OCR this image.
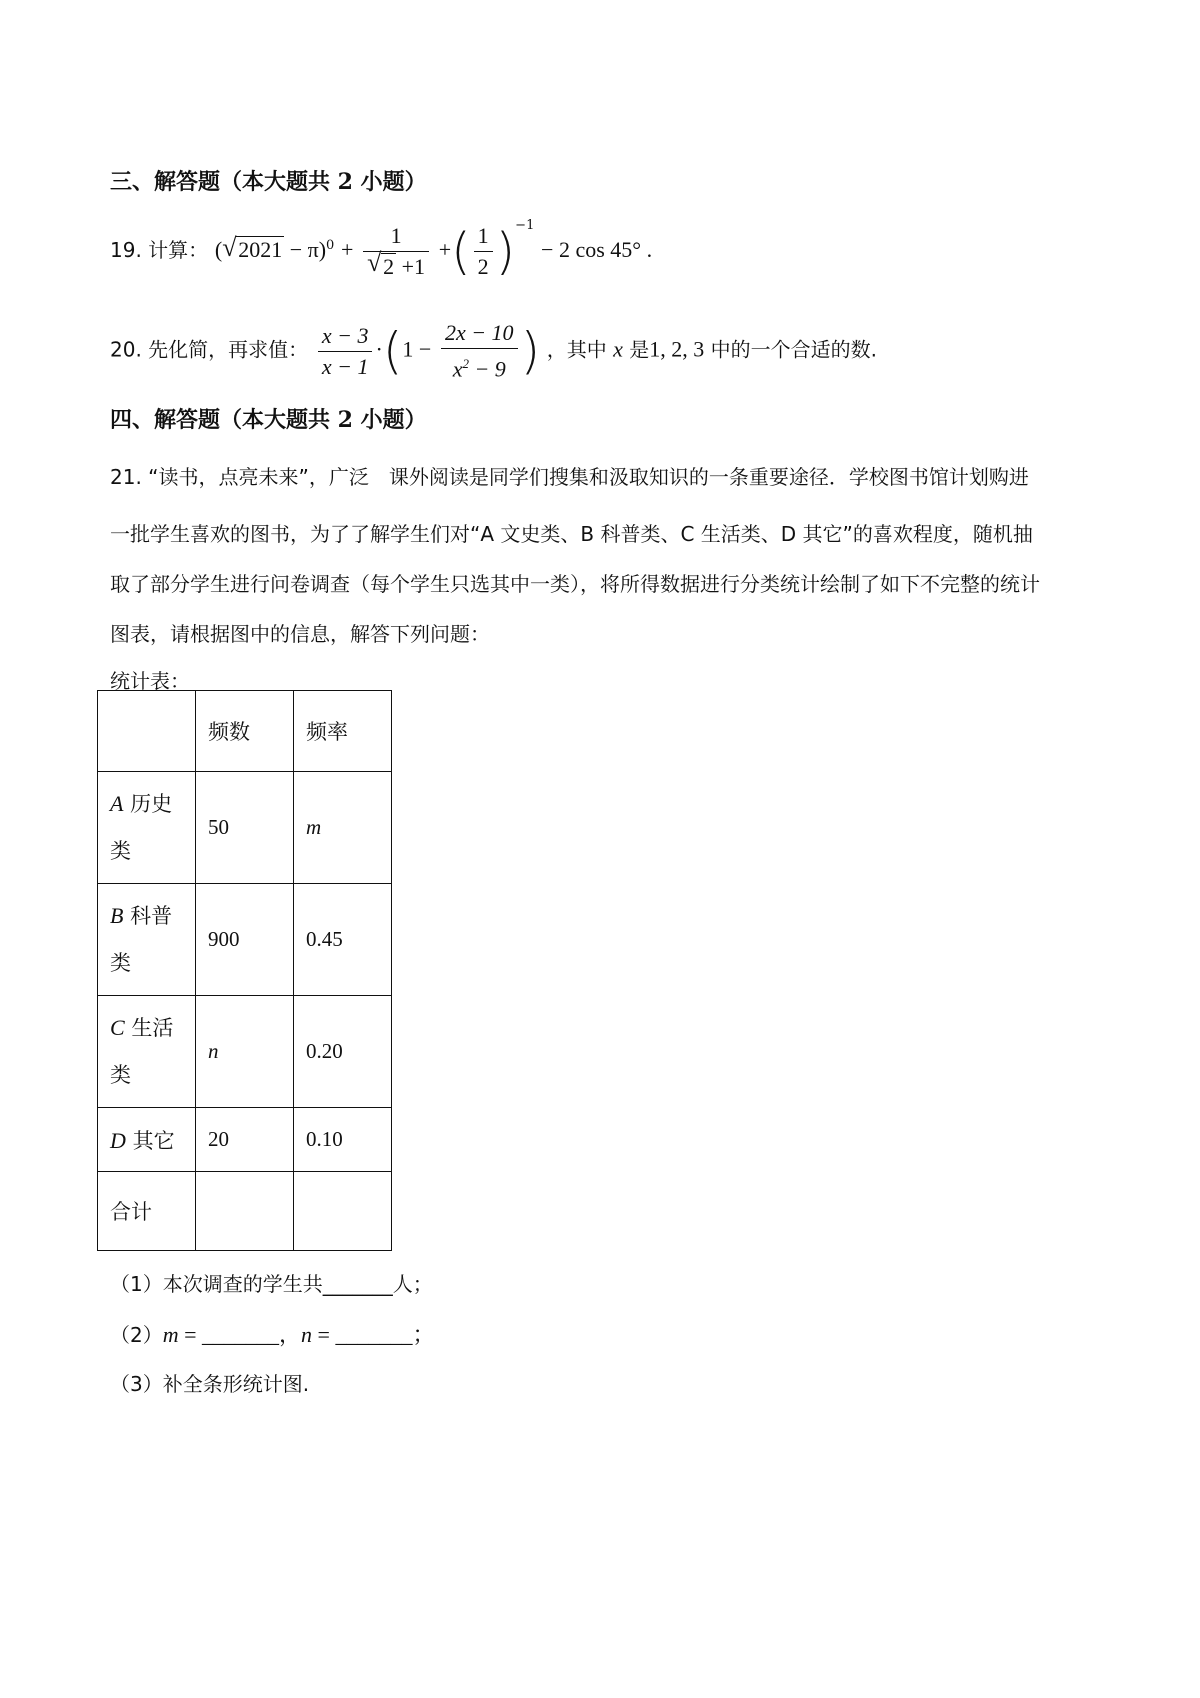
三、解答题（本大题共 2 小题）
19. 计算： ( √ $2021 - \pi)^0 + \frac{1}{√ 2 +1}$ +( $\frac{1}{2} )^{-1} - 2$ cos 45° .
20. 先化简，再求值： $\frac{x - 3}{x - 1} \cdot(1 - \frac{2x - 10}{x^2 - 9}$ ) ，其中 x 是1, 2, 3 中的一个合适的数.
四、解答题（本大题共 2 小题）
21. “读书，点亮未来”，广泛　课外阅读是同学们搜集和汲取知识的一条重要途径．学校图书馆计划购进
一批学生喜欢的图书，为了了解学生们对“A 文史类、B 科普类、C 生活类、D 其它”的喜欢程度，随机抽
取了部分学生进行问卷调查（每个学生只选其中一类），将所得数据进行分类统计绘制了如下不完整的统计
图表，请根据图中的信息，解答下列问题：
统计表：
	频数	频率
A 历史
类	50	m
B 科普
类	900	0.45
C 生活
类	n	0.20
D 其它	20	0.10
合计		
（1）本次调查的学生共_______人；
（2）m = _______，n = _______；
（3）补全条形统计图.
